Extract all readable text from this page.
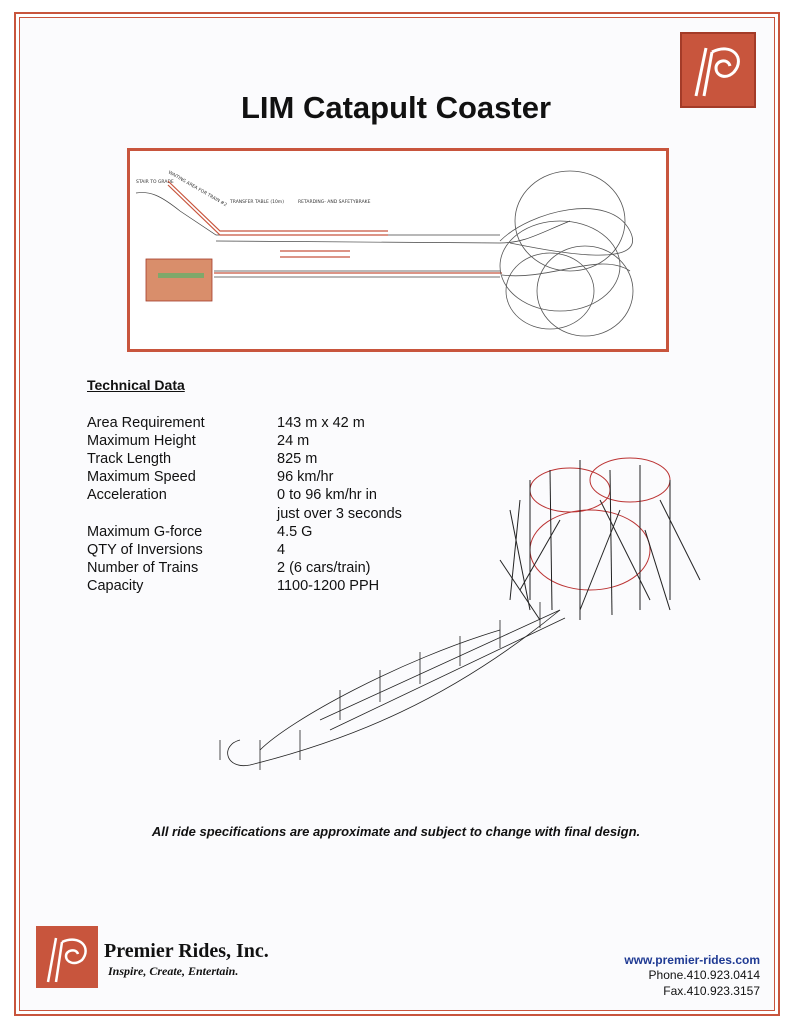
LIM Catapult Coaster
STAIR TO GRADE
WAITING AREA FOR TRAIN #2 TRANSFER TABLE (10m)	RETARDING- AND SAFETYBRAKE
Technical Data
Area Requirement	143 m x 42 m
Maximum Height	24 m
Track Length	825 m
Maximum Speed	96 km/hr
Acceleration	0 to 96 km/hr in
just over 3 seconds
Maximum G-force	4.5 G
QTY of Inversions	4
Number of Trains	2 (6 cars/train)
Capacity	1100-1200 PPH
All ride specifications are approximate and subject to change with final design.
Premier Rides, Inc.
Inspire, Create, Entertain.
www.premier-rides.com
Phone.410.923.0414
Fax.410.923.3157
